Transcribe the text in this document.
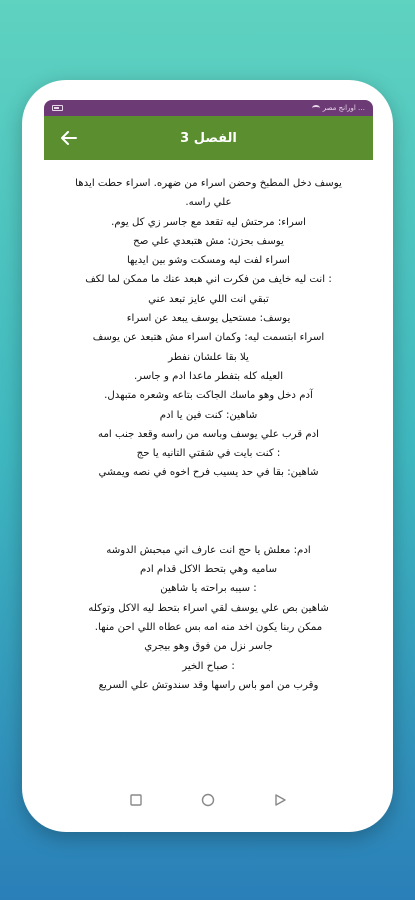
… اورانج مصر
الفصل 3

يوسف دخل المطبخ وحضن اسراء من ضهره. اسراء حطت ايدها

علي راسه.

اسراء: مرحتش ليه تقعد مع جاسر زي كل يوم.

يوسف بحزن: مش هتبعدي علي صح

اسراء لفت ليه ومسكت وشو بين ايديها

: انت ليه خايف من فكرت اني هبعد عنك ما ممكن لما لكف

تبقي انت اللي عايز تبعد عني

يوسف: مستحيل يوسف يبعد عن اسراء

اسراء ابتسمت ليه: وكمان اسراء مش هتبعد عن يوسف

يلا بقا علشان نفطر

العيله كله بتفطر ماعدا ادم و جاسر.

آدم دخل وهو ماسك الجاكت بتاعه وشعره متبهدل.

شاهين: كنت فين يا ادم

ادم قرب علي يوسف وباسه من راسه وقعد جنب امه

: كنت بايت في شقتي التانيه يا حج

شاهين: بقا في حد يسيب فرح اخوه في نصه ويمشي

ادم: معلش يا حج انت عارف اني مبحبش الدوشه

ساميه وهي بتحط الاكل قدام ادم

: سيبه براحته يا شاهين

شاهين بص علي يوسف لقي اسراء بتحط ليه الاكل وتوكله

ممكن ربنا يكون اخد منه امه بس عطاه اللي احن منها.

جاسر نزل من فوق وهو بيجري

: صباح الخير

وقرب من امو باس راسها وقد سندوتش علي السريع
